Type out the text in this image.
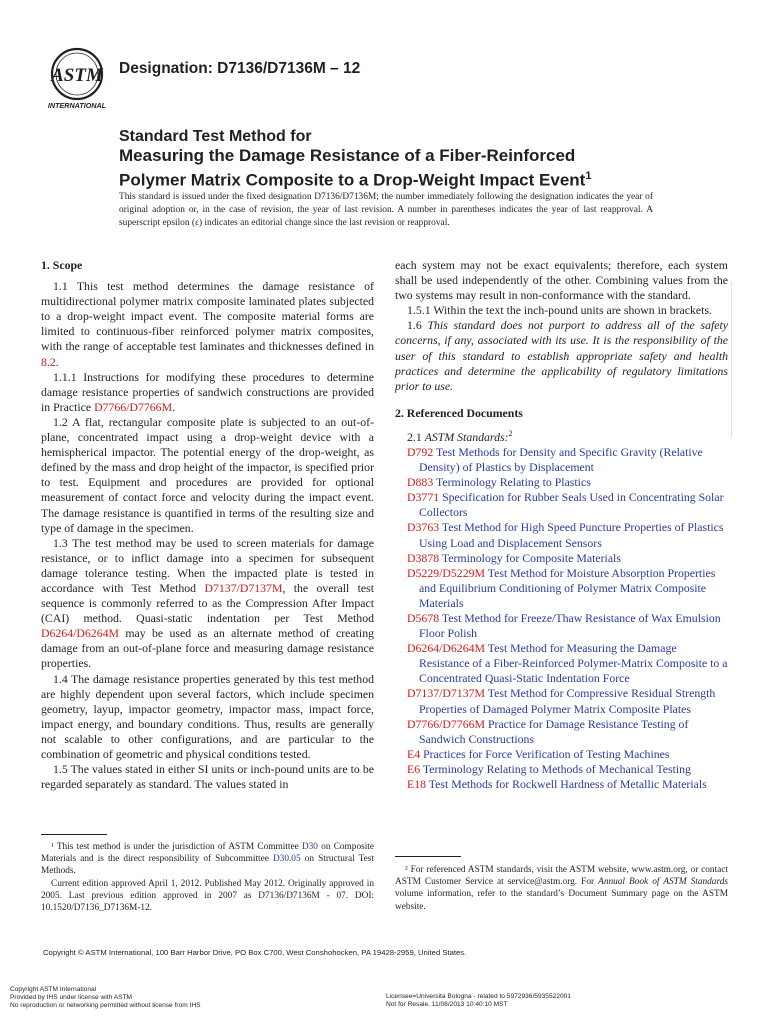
ASTM
INTERNATIONAL
Designation: D7136/D7136M – 12
Standard Test Method for
Measuring the Damage Resistance of a Fiber-Reinforced
Polymer Matrix Composite to a Drop-Weight Impact Event$^1$
This standard is issued under the fixed designation D7136/D7136M; the number immediately following the designation indicates the year of original adoption or, in the case of revision, the year of last revision. A number in parentheses indicates the year of last reapproval. A superscript epsilon (ε) indicates an editorial change since the last revision or reapproval.
1. Scope

1.1 This test method determines the damage resistance of multidirectional polymer matrix composite laminated plates subjected to a drop-weight impact event. The composite material forms are limited to continuous-fiber reinforced polymer matrix composites, with the range of acceptable test laminates and thicknesses defined in 8.2.

1.1.1 Instructions for modifying these procedures to determine damage resistance properties of sandwich constructions are provided in Practice D7766/D7766M.

1.2 A flat, rectangular composite plate is subjected to an out-of-plane, concentrated impact using a drop-weight device with a hemispherical impactor. The potential energy of the drop-weight, as defined by the mass and drop height of the impactor, is specified prior to test. Equipment and procedures are provided for optional measurement of contact force and velocity during the impact event. The damage resistance is quantified in terms of the resulting size and type of damage in the specimen.

1.3 The test method may be used to screen materials for damage resistance, or to inflict damage into a specimen for subsequent damage tolerance testing. When the impacted plate is tested in accordance with Test Method D7137/D7137M, the overall test sequence is commonly referred to as the Compression After Impact (CAI) method. Quasi-static indentation per Test Method D6264/D6264M may be used as an alternate method of creating damage from an out-of-plane force and measuring damage resistance properties.

1.4 The damage resistance properties generated by this test method are highly dependent upon several factors, which include specimen geometry, layup, impactor geometry, impactor mass, impact force, impact energy, and boundary conditions. Thus, results are generally not scalable to other configurations, and are particular to the combination of geometric and physical conditions tested.

1.5 The values stated in either SI units or inch-pound units are to be regarded separately as standard. The values stated in

each system may not be exact equivalents; therefore, each system shall be used independently of the other. Combining values from the two systems may result in non-conformance with the standard.

1.5.1 Within the text the inch-pound units are shown in brackets.

1.6 This standard does not purport to address all of the safety concerns, if any, associated with its use. It is the responsibility of the user of this standard to establish appropriate safety and health practices and determine the applicability of regulatory limitations prior to use.

2. Referenced Documents

2.1 ASTM Standards:$^2$

D792 Test Methods for Density and Specific Gravity (Relative Density) of Plastics by Displacement

D883 Terminology Relating to Plastics

D3771 Specification for Rubber Seals Used in Concentrating Solar Collectors

D3763 Test Method for High Speed Puncture Properties of Plastics Using Load and Displacement Sensors

D3878 Terminology for Composite Materials

D5229/D5229M Test Method for Moisture Absorption Properties and Equilibrium Conditioning of Polymer Matrix Composite Materials

D5678 Test Method for Freeze/Thaw Resistance of Wax Emulsion Floor Polish

D6264/D6264M Test Method for Measuring the Damage Resistance of a Fiber-Reinforced Polymer-Matrix Composite to a Concentrated Quasi-Static Indentation Force

D7137/D7137M Test Method for Compressive Residual Strength Properties of Damaged Polymer Matrix Composite Plates

D7766/D7766M Practice for Damage Resistance Testing of Sandwich Constructions

E4 Practices for Force Verification of Testing Machines

E6 Terminology Relating to Methods of Mechanical Testing

E18 Test Methods for Rockwell Hardness of Metallic Materials

¹ This test method is under the jurisdiction of ASTM Committee D30 on Composite Materials and is the direct responsibility of Subcommittee D30.05 on Structural Test Methods.

Current edition approved April 1, 2012. Published May 2012. Originally approved in 2005. Last previous edition approved in 2007 as D7136/D7136M - 07. DOI: 10.1520/D7136_D7136M-12.

² For referenced ASTM standards, visit the ASTM website, www.astm.org, or contact ASTM Customer Service at service@astm.org. For Annual Book of ASTM Standards volume information, refer to the standard’s Document Summary page on the ASTM website.

Copyright © ASTM International, 100 Barr Harbor Drive, PO Box C700, West Conshohocken, PA 19428-2959, United States.
Copyright ASTM International
Provided by IHS under license with ASTM
No reproduction or networking permitted without license from IHS
Licensee=Universita Bologna - related to 5972936/5935522001
Not for Resale, 11/08/2013 10:40:10 MST
